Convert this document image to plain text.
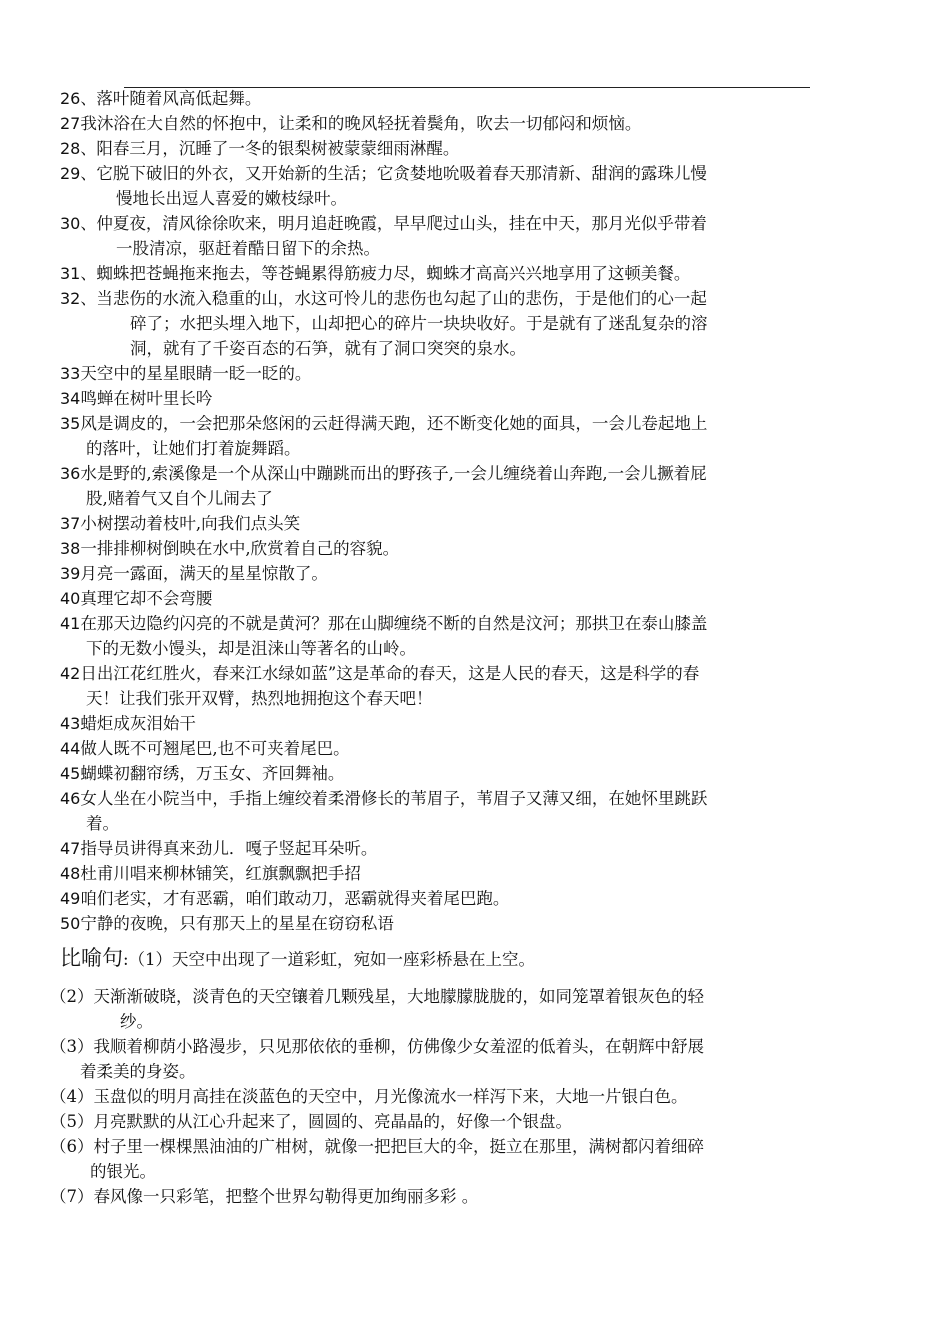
26、落叶随着风高低起舞。
27我沐浴在大自然的怀抱中，让柔和的晚风轻抚着鬓角，吹去一切郁闷和烦恼。
28、阳春三月，沉睡了一冬的银梨树被蒙蒙细雨淋醒。
29、它脱下破旧的外衣，又开始新的生活；它贪婪地吮吸着春天那清新、甜润的露珠儿慢
慢地长出逗人喜爱的嫩枝绿叶。
30、仲夏夜，清风徐徐吹来，明月追赶晚霞，早早爬过山头，挂在中天，那月光似乎带着
一股清凉，驱赶着酷日留下的余热。
31、蜘蛛把苍蝇拖来拖去，等苍蝇累得筋疲力尽，蜘蛛才高高兴兴地享用了这顿美餐。
32、当悲伤的水流入稳重的山，水这可怜儿的悲伤也勾起了山的悲伤，于是他们的心一起
碎了；水把头埋入地下，山却把心的碎片一块块收好。于是就有了迷乱复杂的溶
洞，就有了千姿百态的石笋，就有了洞口突突的泉水。
33天空中的星星眼睛一眨一眨的。
34鸣蝉在树叶里长吟
35风是调皮的，一会把那朵悠闲的云赶得满天跑，还不断变化她的面具，一会儿卷起地上
的落叶，让她们打着旋舞蹈。
36水是野的,索溪像是一个从深山中蹦跳而出的野孩子,一会儿缠绕着山奔跑,一会儿撅着屁
股,赌着气又自个儿闹去了
37小树摆动着枝叶,向我们点头笑
38一排排柳树倒映在水中,欣赏着自己的容貌。
39月亮一露面，满天的星星惊散了。
40真理它却不会弯腰
41在那天边隐约闪亮的不就是黄河？那在山脚缠绕不断的自然是汶河；那拱卫在泰山膝盖
下的无数小馒头，却是沮涞山等著名的山岭。
42日出江花红胜火，春来江水绿如蓝”这是革命的春天，这是人民的春天，这是科学的春
天！让我们张开双臂，热烈地拥抱这个春天吧！
43蜡炬成灰泪始干
44做人既不可翘尾巴,也不可夹着尾巴。
45蝴蝶初翻帘绣，万玉女、齐回舞袖。
46女人坐在小院当中，手指上缠绞着柔滑修长的苇眉子，苇眉子又薄又细，在她怀里跳跃
着。
47指导员讲得真来劲儿．嘎子竖起耳朵听。
48杜甫川唱来柳林铺笑，红旗飘飘把手招
49咱们老实，才有恶霸，咱们敢动刀，恶霸就得夹着尾巴跑。
50宁静的夜晚，只有那天上的星星在窃窃私语
比喻句:（1）天空中出现了一道彩虹，宛如一座彩桥悬在上空。
（2）天渐渐破晓，淡青色的天空镶着几颗残星，大地朦朦胧胧的，如同笼罩着银灰色的轻
纱。
（3）我顺着柳荫小路漫步，只见那依依的垂柳，仿佛像少女羞涩的低着头，在朝辉中舒展
着柔美的身姿。
（4）玉盘似的明月高挂在淡蓝色的天空中，月光像流水一样泻下来，大地一片银白色。
（5）月亮默默的从江心升起来了，圆圆的、亮晶晶的，好像一个银盘。
（6）村子里一棵棵黑油油的广柑树，就像一把把巨大的伞，挺立在那里，满树都闪着细碎
的银光。
（7）春风像一只彩笔，把整个世界勾勒得更加绚丽多彩 。
